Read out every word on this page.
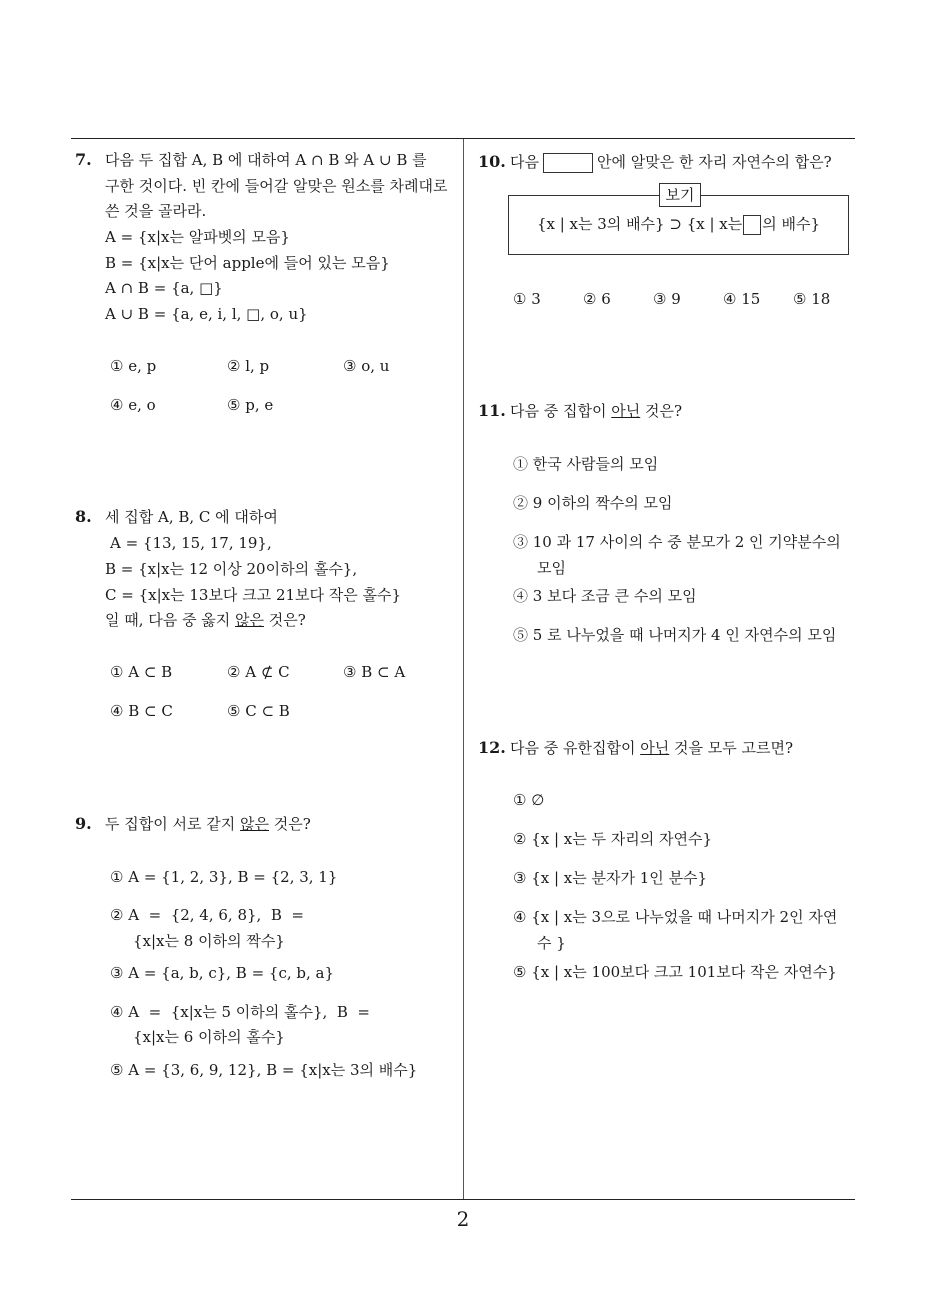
7. 다음 두 집합 A, B 에 대하여 A ∩ B 와 A ∪ B 를
구한 것이다. 빈 칸에 들어갈 알맞은 원소를 차례대로
쓴 것을 골라라.
A = {x|x는 알파벳의 모음}
B = {x|x는 단어 apple에 들어 있는 모음}
A ∩ B = {a, □}
A ∪ B = {a, e, i, l, □, o, u}
① e, p	② l, p	③ o, u
④ e, o	⑤ p, e
8. 세 집합 A, B, C 에 대하여
A = {13, 15, 17, 19},
B = {x|x는 12 이상 20이하의 홀수},
C = {x|x는 13보다 크고 21보다 작은 홀수}
일 때, 다음 중 옳지 않은 것은?
① A ⊂ B	② A ⊄ C	③ B ⊂ A
④ B ⊂ C	⑤ C ⊂ B
9. 두 집합이 서로 같지 않은 것은?
① A = {1, 2, 3}, B = {2, 3, 1}
② A  =  {2, 4, 6, 8},  B  =
{x|x는 8 이하의 짝수}
③ A = {a, b, c}, B = {c, b, a}
④ A  =  {x|x는 5 이하의 홀수},  B  =
{x|x는 6 이하의 홀수}
⑤ A = {3, 6, 9, 12}, B = {x|x는 3의 배수}
10. 다음	안에 알맞은 한 자리 자연수의 합은?
보기
{x | x는 3의 배수} ⊃ {x | x는 의 배수}
① 3	② 6	③ 9	④ 15 ⑤ 18
11. 다음 중 집합이 아닌 것은?
① 한국 사람들의 모임
② 9 이하의 짝수의 모임
③ 10 과 17 사이의 수 중 분모가 2 인 기약분수의
모임
④ 3 보다 조금 큰 수의 모임
⑤ 5 로 나누었을 때 나머지가 4 인 자연수의 모임
12. 다음 중 유한집합이 아닌 것을 모두 고르면?
① ∅
② {x | x는 두 자리의 자연수}
③ {x | x는 분자가 1인 분수}
④ {x | x는 3으로 나누었을 때 나머지가 2인 자연
수 }
⑤ {x | x는 100보다 크고 101보다 작은 자연수}
2
